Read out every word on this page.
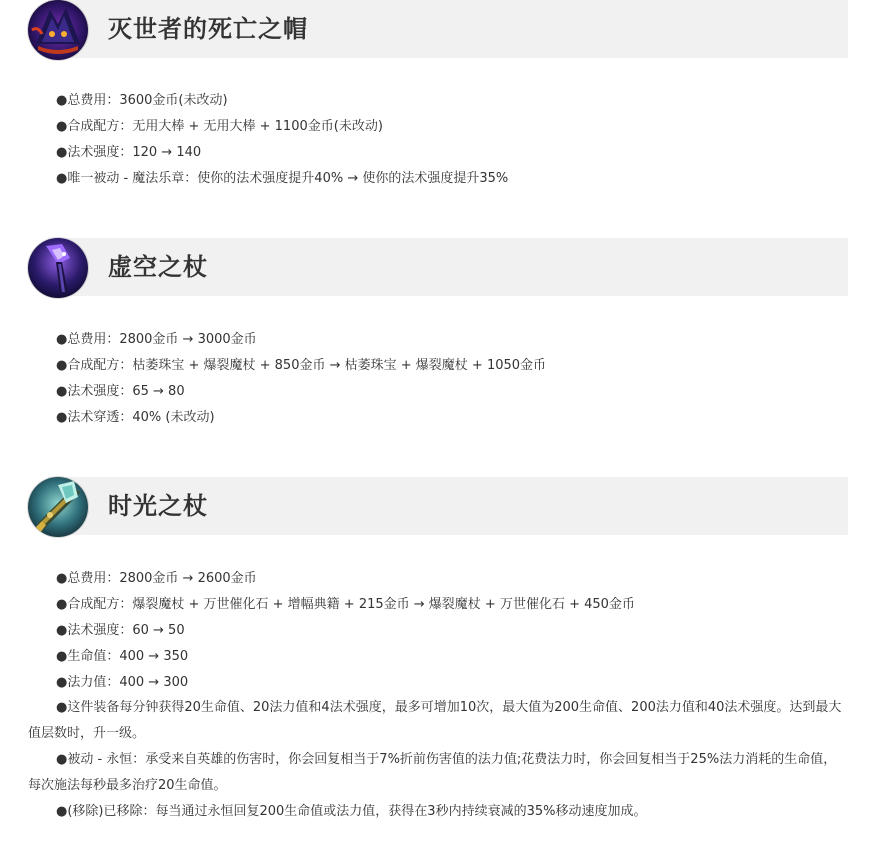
灭世者的死亡之帽
●总费用：3600金币(未改动)
●合成配方：无用大棒 + 无用大棒 + 1100金币(未改动)
●法术强度：120 → 140
●唯一被动 - 魔法乐章：使你的法术强度提升40% → 使你的法术强度提升35%
虚空之杖
●总费用：2800金币 → 3000金币
●合成配方：枯萎珠宝 + 爆裂魔杖 + 850金币 → 枯萎珠宝 + 爆裂魔杖 + 1050金币
●法术强度：65 → 80
●法术穿透：40% (未改动)
时光之杖
●总费用：2800金币 → 2600金币
●合成配方：爆裂魔杖 + 万世催化石 + 增幅典籍 + 215金币 → 爆裂魔杖 + 万世催化石 + 450金币
●法术强度：60 → 50
●生命值：400 → 350
●法力值：400 → 300
●这件装备每分钟获得20生命值、20法力值和4法术强度，最多可增加10次，最大值为200生命值、200法力值和40法术强度。达到最大值层数时，升一级。
●被动 - 永恒：承受来自英雄的伤害时，你会回复相当于7%折前伤害值的法力值;花费法力时，你会回复相当于25%法力消耗的生命值，每次施法每秒最多治疗20生命值。
●(移除)已移除：每当通过永恒回复200生命值或法力值，获得在3秒内持续衰减的35%移动速度加成。
